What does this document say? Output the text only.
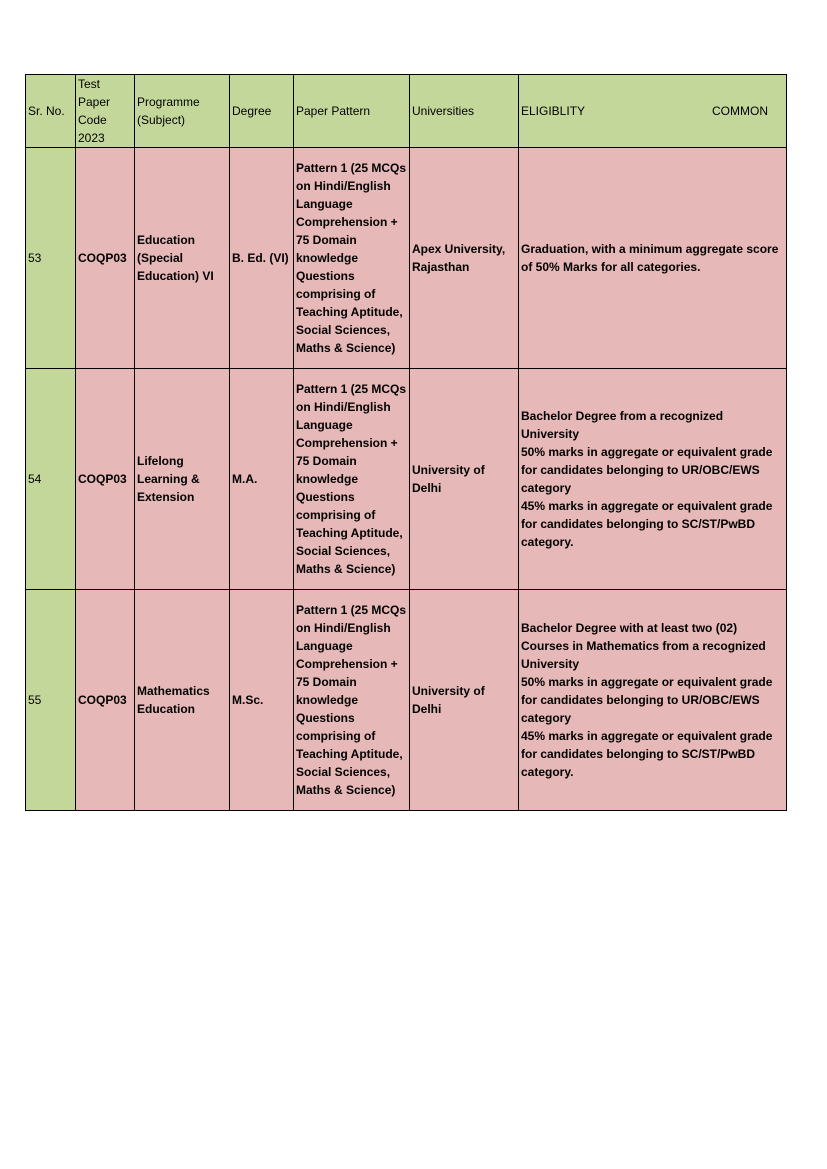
Sr. No.	Test Paper Code 2023	Programme (Subject)	Degree	Paper Pattern	Universities	ELIGIBLITY COMMON

53	COQP03	Education (Special Education) VI	B. Ed. (VI)	Pattern 1 (25 MCQs on Hindi/English Language Comprehension + 75 Domain knowledge Questions comprising of Teaching Aptitude, Social Sciences, Maths & Science)	Apex University, Rajasthan	Graduation, with a minimum aggregate score of 50% Marks for all categories.

54	COQP03	Lifelong Learning & Extension	M.A.	Pattern 1 (25 MCQs on Hindi/English Language Comprehension + 75 Domain knowledge Questions comprising of Teaching Aptitude, Social Sciences, Maths & Science)	University of Delhi	Bachelor Degree from a recognized University
50% marks in aggregate or equivalent grade for candidates belonging to UR/OBC/EWS category
45% marks in aggregate or equivalent grade for candidates belonging to SC/ST/PwBD category.

55	COQP03	Mathematics Education	M.Sc.	Pattern 1 (25 MCQs on Hindi/English Language Comprehension + 75 Domain knowledge Questions comprising of Teaching Aptitude, Social Sciences, Maths & Science)	University of Delhi	Bachelor Degree with at least two (02) Courses in Mathematics from a recognized University
50% marks in aggregate or equivalent grade for candidates belonging to UR/OBC/EWS category
45% marks in aggregate or equivalent grade for candidates belonging to SC/ST/PwBD category.
